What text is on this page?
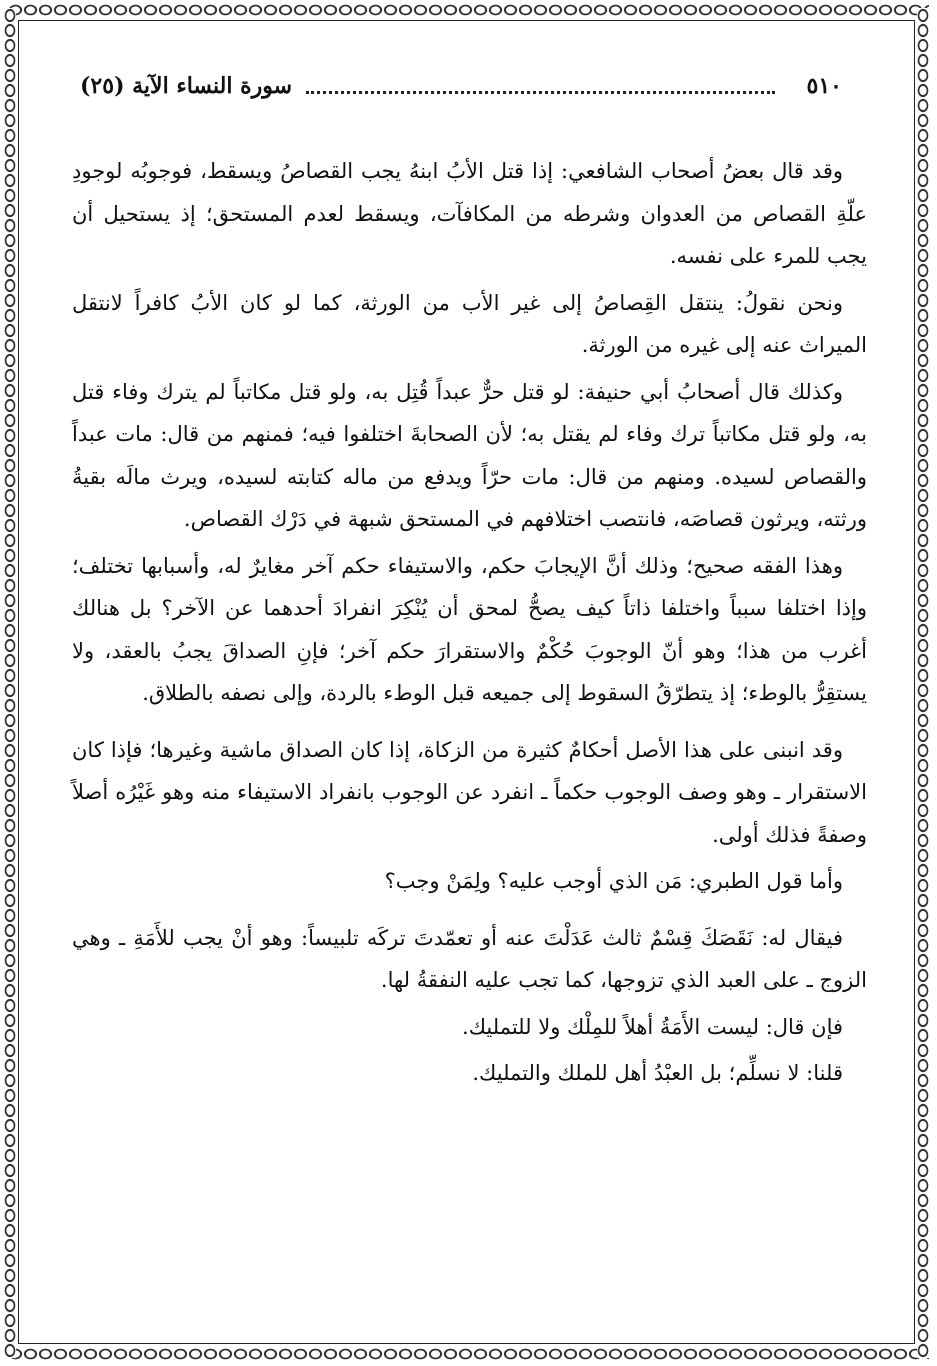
٥١٠
سورة النساء الآية (٢٥)

وقد قال بعضُ أصحاب الشافعي: إذا قتل الأبُ ابنهُ يجب القصاصُ ويسقط، فوجوبُه لوجودِ علّةِ القصاص من العدوان وشرطه من المكافآت، ويسقط لعدم المستحق؛ إذ يستحيل أن يجب للمرء على نفسه.

ونحن نقولُ: ينتقل القِصاصُ إلى غير الأب من الورثة، كما لو كان الأبُ كافراً لانتقل الميراث عنه إلى غيره من الورثة.

وكذلك قال أصحابُ أبي حنيفة: لو قتل حرٌّ عبداً قُتِل به، ولو قتل مكاتباً لم يترك وفاء قتل به، ولو قتل مكاتباً ترك وفاء لم يقتل به؛ لأن الصحابةَ اختلفوا فيه؛ فمنهم من قال: مات عبداً والقصاص لسيده. ومنهم من قال: مات حرّاً ويدفع من ماله كتابته لسيده، ويرث مالَه بقيةُ ورثته، ويرثون قصاصَه، فانتصب اختلافهم في المستحق شبهة في دَرْك القصاص.

وهذا الفقه صحيح؛ وذلك أنَّ الإيجابَ حكم، والاستيفاء حكم آخر مغايرٌ له، وأسبابها تختلف؛ وإذا اختلفا سبباً واختلفا ذاتاً كيف يصحُّ لمحق أن يُنْكِرَ انفرادَ أحدهما عن الآخر؟ بل هنالك أغرب من هذا؛ وهو أنّ الوجوبَ حُكْمٌ والاستقرارَ حكم آخر؛ فإنِ الصداقَ يجبُ بالعقد، ولا يستقِرُّ بالوطء؛ إذ يتطرّقُ السقوط إلى جميعه قبل الوطء بالردة، وإلى نصفه بالطلاق.

وقد انبنى على هذا الأصل أحكامٌ كثيرة من الزكاة، إذا كان الصداق ماشية وغيرها؛ فإذا كان الاستقرار ـ وهو وصف الوجوب حكماً ـ انفرد عن الوجوب بانفراد الاستيفاء منه وهو غَيْرُه أصلاً وصفةً فذلك أولى.

وأما قول الطبري: مَن الذي أوجب عليه؟ ولِمَنْ وجب؟

فيقال له: نَقَصَكَ قِسْمٌ ثالث عَدَلْتَ عنه أو تعمّدتَ تركَه تلبيساً: وهو أنْ يجب للأَمَةِ ـ وهي الزوج ـ على العبد الذي تزوجها، كما تجب عليه النفقةُ لها.

فإن قال: ليست الأَمَةُ أهلاً للمِلْك ولا للتمليك.

قلنا: لا نسلِّم؛ بل العبْدُ أهل للملك والتمليك.
